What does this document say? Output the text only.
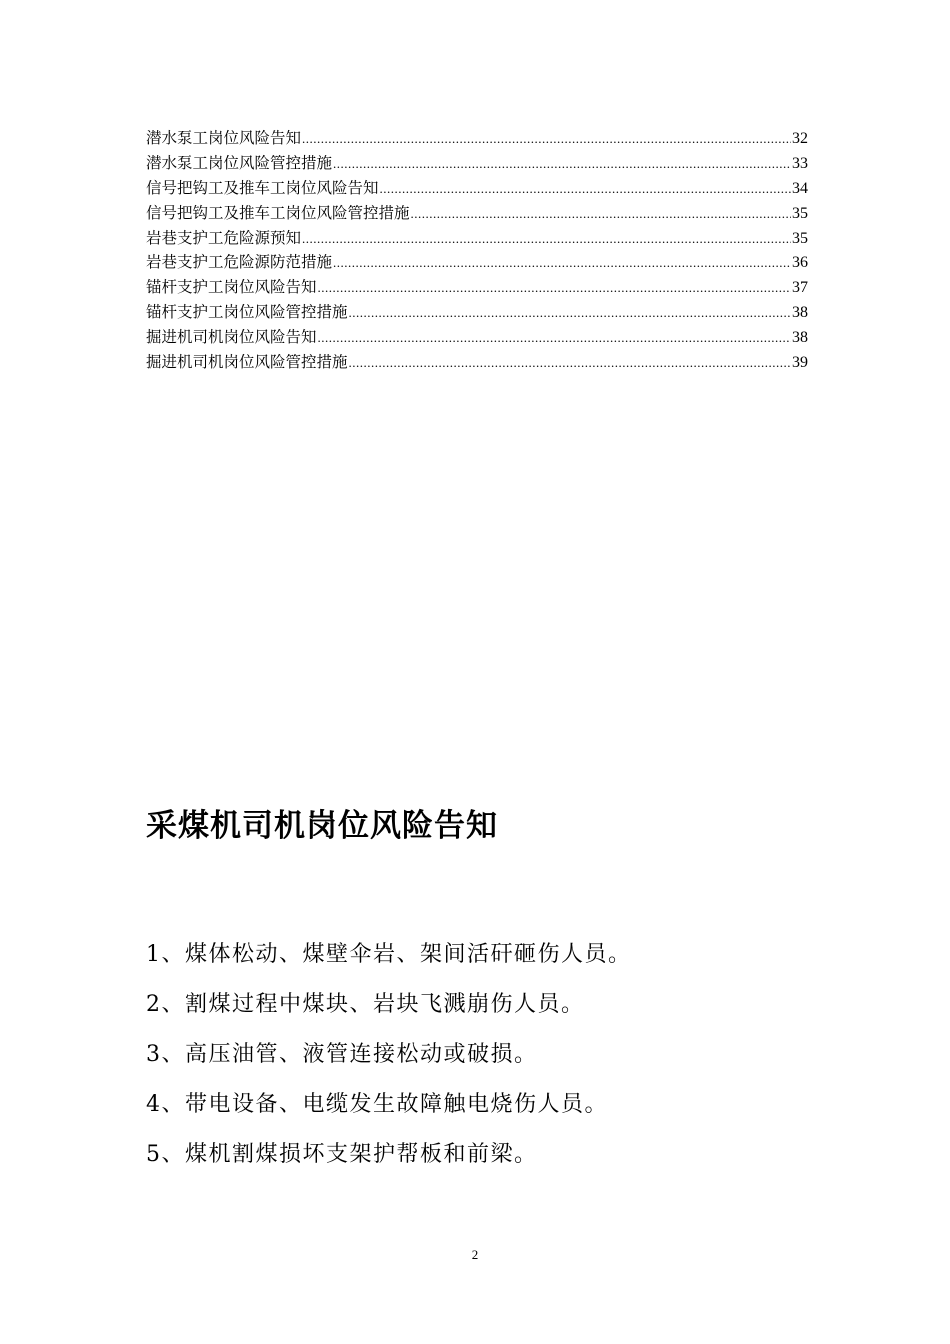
潜水泵工岗位风险告知 .....	32
潜水泵工岗位风险管控措施 .....	33
信号把钩工及推车工岗位风险告知 .....	34
信号把钩工及推车工岗位风险管控措施 .....	35
岩巷支护工危险源预知 .....	35
岩巷支护工危险源防范措施 .....	36
锚杆支护工岗位风险告知 .....	37
锚杆支护工岗位风险管控措施 .....	38
掘进机司机岗位风险告知 .....	38
掘进机司机岗位风险管控措施 .....	39
采煤机司机岗位风险告知
1、煤体松动、煤壁伞岩、架间活矸砸伤人员。
2、割煤过程中煤块、岩块飞溅崩伤人员。
3、高压油管、液管连接松动或破损。
4、带电设备、电缆发生故障触电烧伤人员。
5、煤机割煤损坏支架护帮板和前梁。
2
